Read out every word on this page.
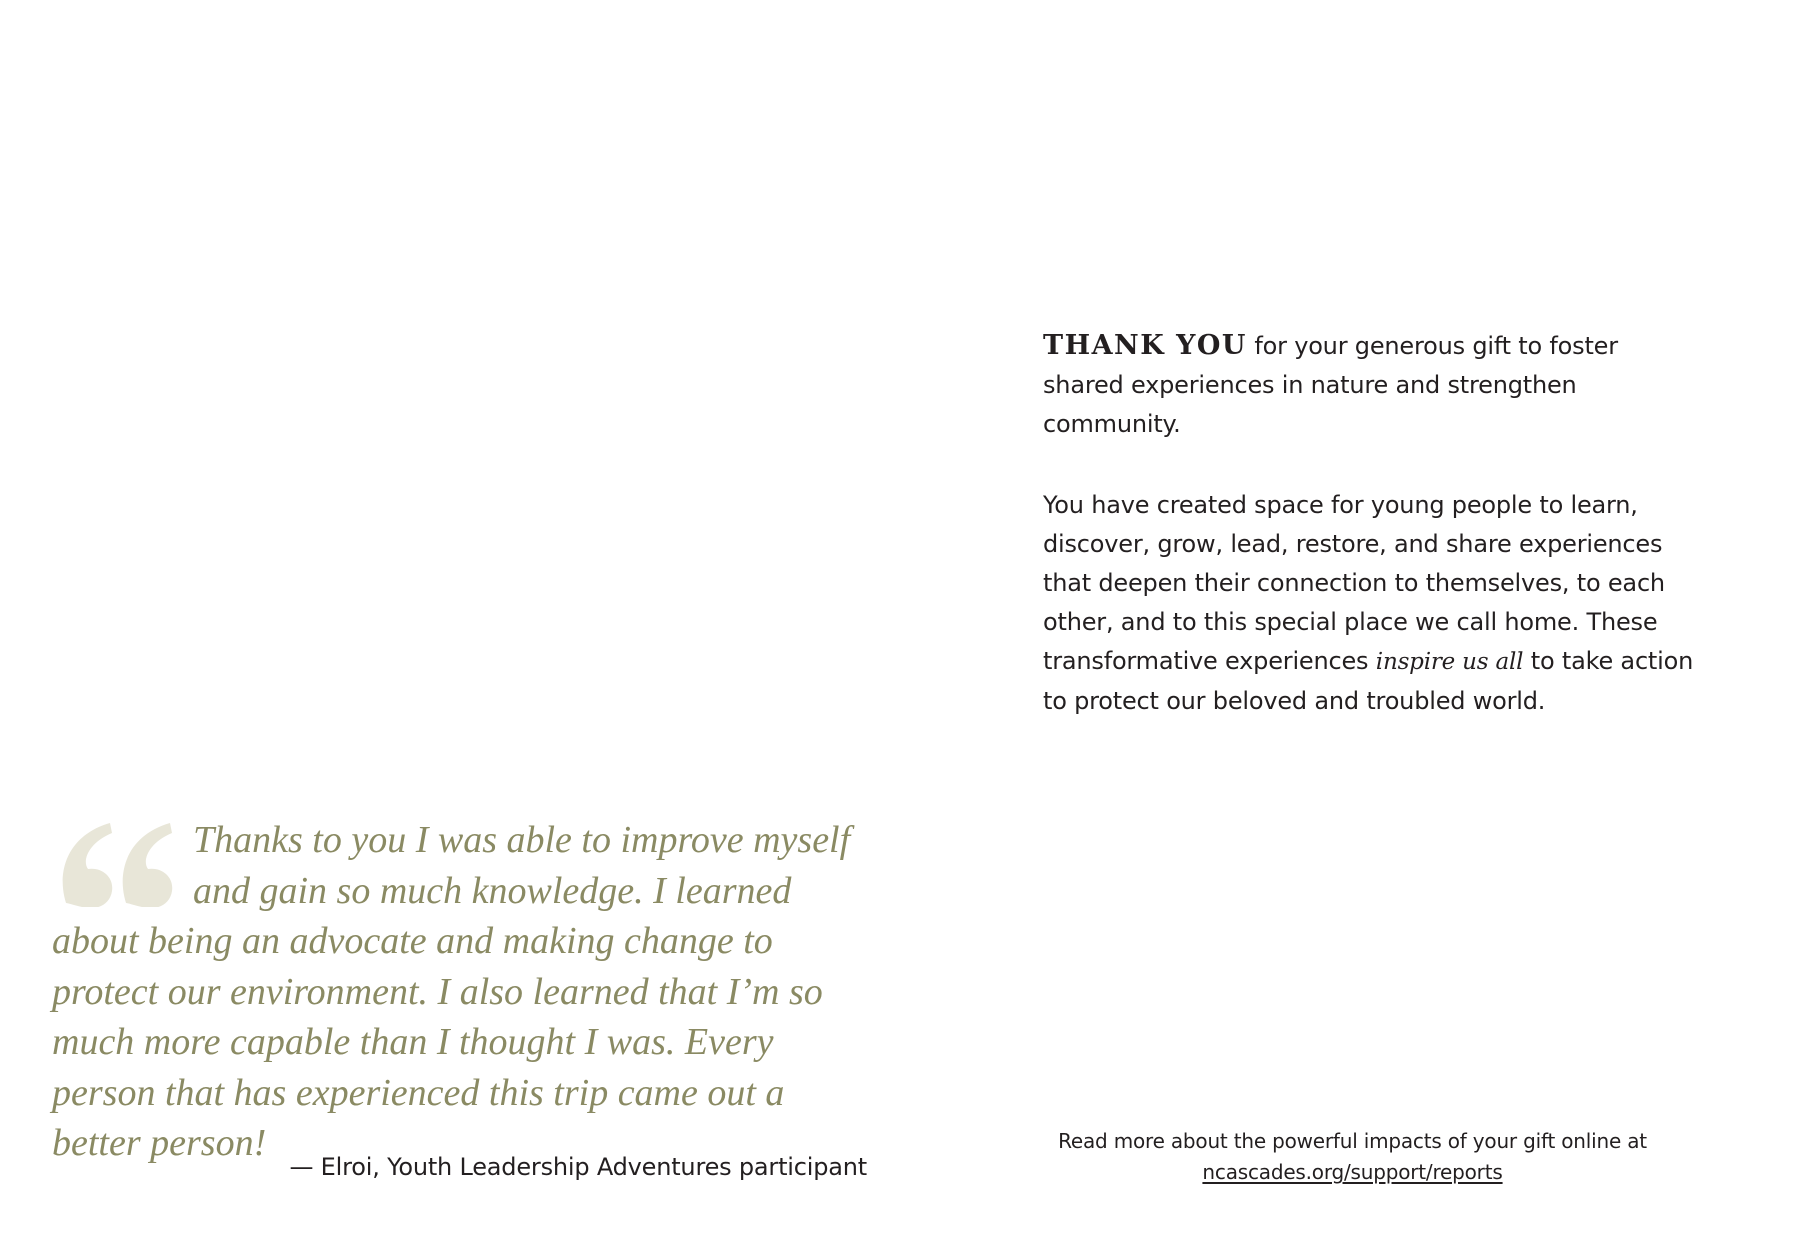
THANK YOU for your generous gift to foster shared experiences in nature and strengthen community.

You have created space for young people to learn, discover, grow, lead, restore, and share experiences that deepen their connection to themselves, to each other, and to this special place we call home. These transformative experiences inspire us all to take action to protect our beloved and troubled world.

Thanks to you I was able to improve myself and gain so much knowledge. I learned about being an advocate and making change to protect our environment. I also learned that I’m so much more capable than I thought I was. Every person that has experienced this trip came out a better person!

— Elroi, Youth Leadership Adventures participant

Read more about the powerful impacts of your gift online at

ncascades.org/support/reports
